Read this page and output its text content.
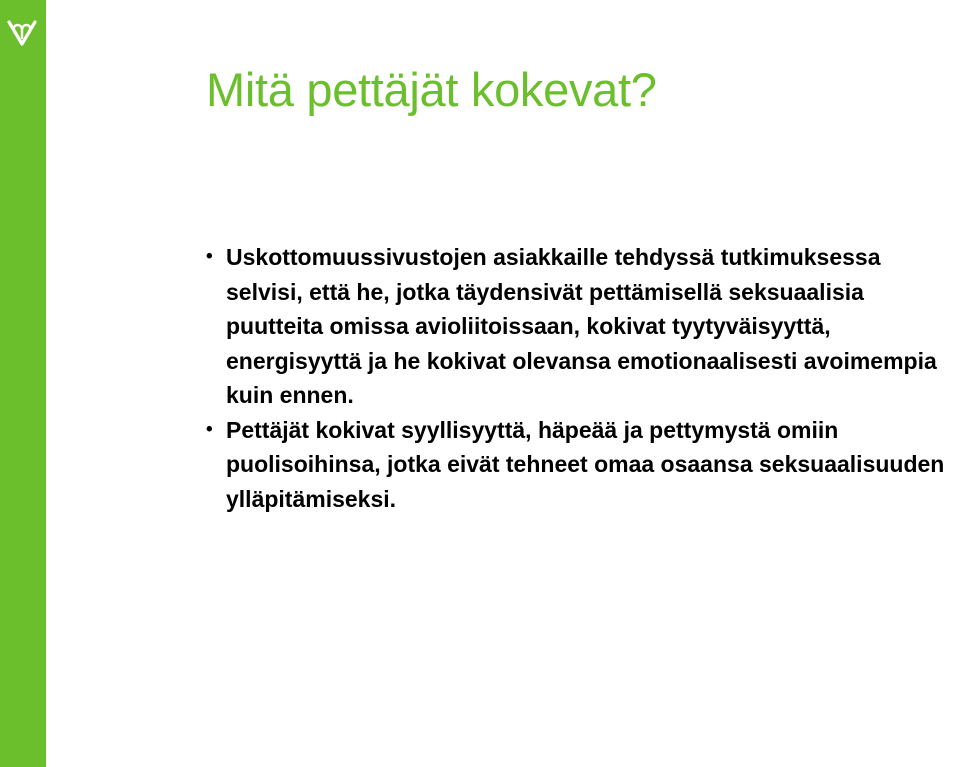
Mitä pettäjät kokevat?
• Uskottomuussivustojen asiakkaille tehdyssä tutkimuksessa selvisi, että he, jotka täydensivät pettämisellä seksuaalisia puutteita omissa avioliitoissaan, kokivat tyytyväisyyttä, energisyyttä ja he kokivat olevansa emotionaalisesti avoimempia kuin ennen.
• Pettäjät kokivat syyllisyyttä, häpeää ja pettymystä omiin puolisoihinsa, jotka eivät tehneet omaa osaansa seksuaalisuuden ylläpitämiseksi.
